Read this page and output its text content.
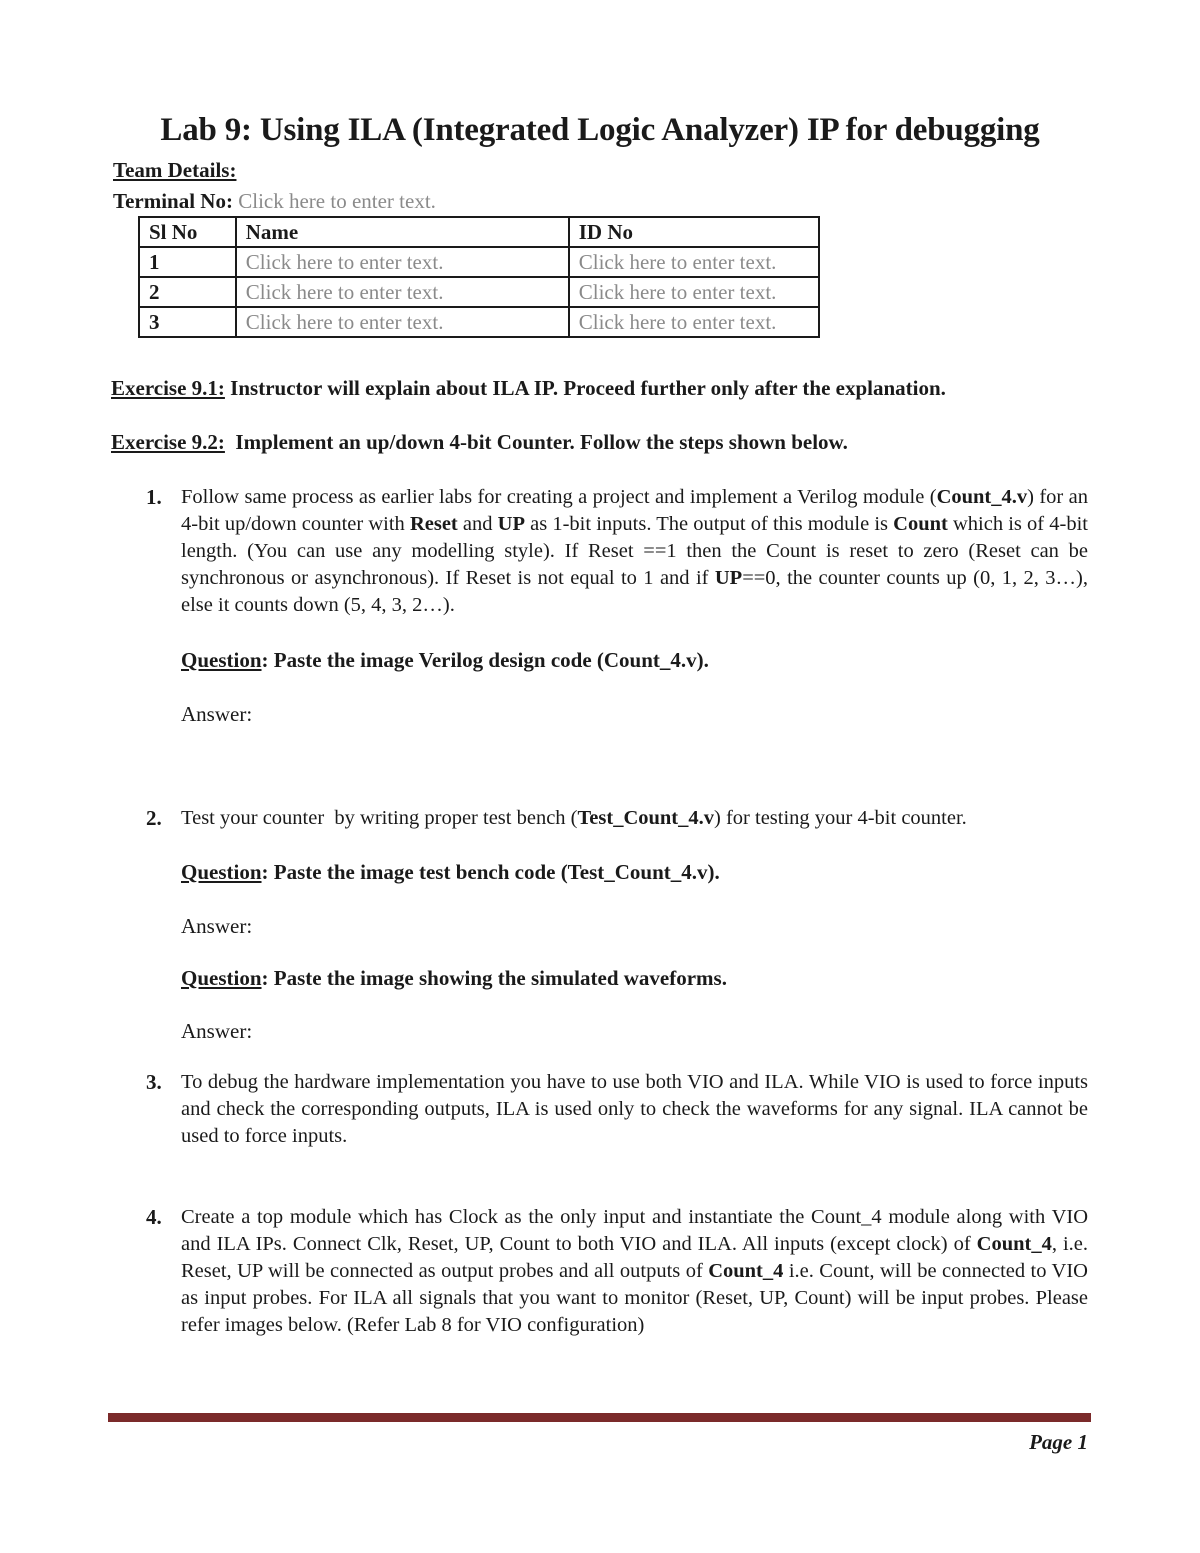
Lab 9: Using ILA (Integrated Logic Analyzer) IP for debugging
Team Details:
Terminal No: Click here to enter text.
Sl No	Name	ID No
1	Click here to enter text.	Click here to enter text.
2	Click here to enter text.	Click here to enter text.
3	Click here to enter text.	Click here to enter text.
Exercise 9.1: Instructor will explain about ILA IP. Proceed further only after the explanation.
Exercise 9.2:  Implement an up/down 4-bit Counter. Follow the steps shown below.
1. Follow same process as earlier labs for creating a project and implement a Verilog module (Count_4.v) for an 4-bit up/down counter with Reset and UP as 1-bit inputs. The output of this module is Count which is of 4-bit length. (You can use any modelling style). If Reset ==1 then the Count is reset to zero (Reset can be synchronous or asynchronous). If Reset is not equal to 1 and if UP==0, the counter counts up (0, 1, 2, 3…), else it counts down (5, 4, 3, 2…).
Question: Paste the image Verilog design code (Count_4.v).
Answer:
2. Test your counter  by writing proper test bench (Test_Count_4.v) for testing your 4-bit counter.
Question: Paste the image test bench code (Test_Count_4.v).
Answer:
Question: Paste the image showing the simulated waveforms.
Answer:
3. To debug the hardware implementation you have to use both VIO and ILA. While VIO is used to force inputs and check the corresponding outputs, ILA is used only to check the waveforms for any signal. ILA cannot be used to force inputs.
4. Create a top module which has Clock as the only input and instantiate the Count_4 module along with VIO and ILA IPs. Connect Clk, Reset, UP, Count to both VIO and ILA. All inputs (except clock) of Count_4, i.e. Reset, UP will be connected as output probes and all outputs of Count_4 i.e. Count, will be connected to VIO as input probes. For ILA all signals that you want to monitor (Reset, UP, Count) will be input probes. Please refer images below. (Refer Lab 8 for VIO configuration)
Page 1
